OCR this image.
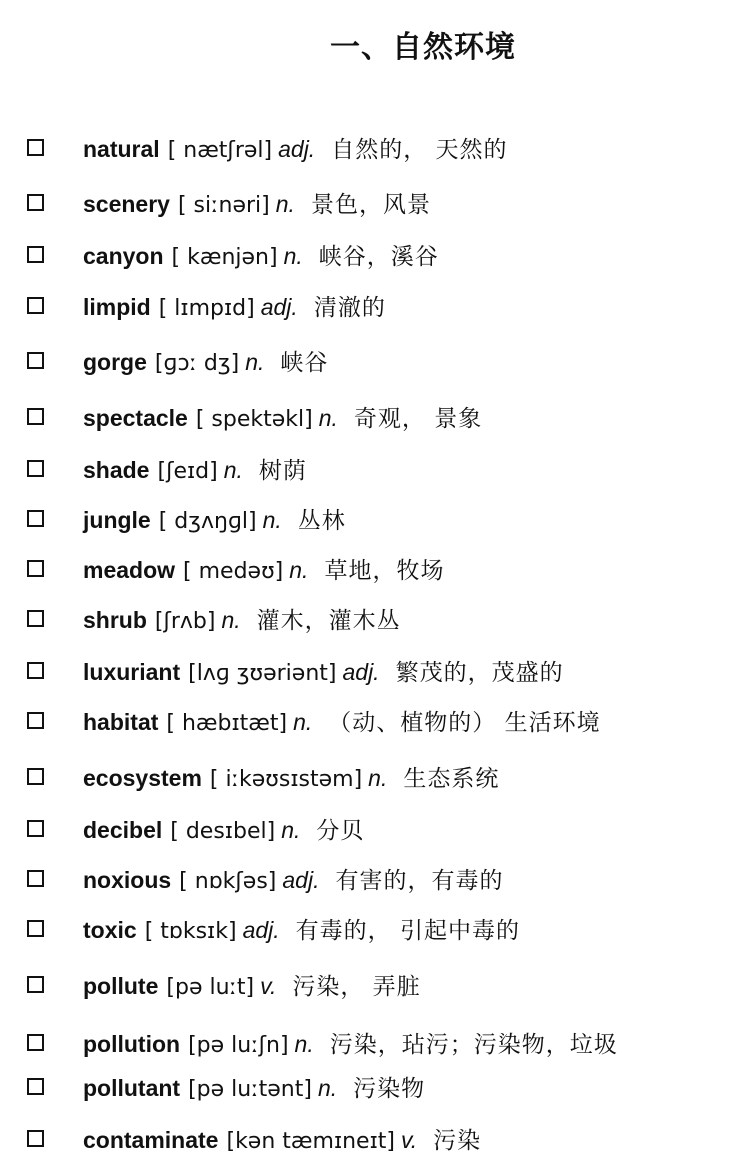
一、自然环境
natural [ nætʃrəl] adj. 自然的， 天然的
scenery [ siːnəri] n. 景色，风景
canyon [ kænjən] n. 峡谷，溪谷
limpid [ lɪmpɪd] adj. 清澈的
gorge [ɡɔː dʒ] n. 峡谷
spectacle [ spektəkl] n. 奇观， 景象
shade [ʃeɪd] n. 树荫
jungle [ dʒʌŋɡl] n. 丛林
meadow [ medəʊ] n. 草地，牧场
shrub [ʃrʌb] n. 灌木，灌木丛
luxuriant [lʌɡ ʒʊəriənt] adj. 繁茂的，茂盛的
habitat [ hæbɪtæt] n. （动、植物的） 生活环境
ecosystem [ iːkəʊsɪstəm] n. 生态系统
decibel [ desɪbel] n. 分贝
noxious [ nɒkʃəs] adj. 有害的，有毒的
toxic [ tɒksɪk] adj. 有毒的， 引起中毒的
pollute [pə luːt] v. 污染， 弄脏
pollution [pə luːʃn] n. 污染，玷污；污染物，垃圾
pollutant [pə luːtənt] n. 污染物
contaminate [kən tæmɪneɪt] v. 污染
